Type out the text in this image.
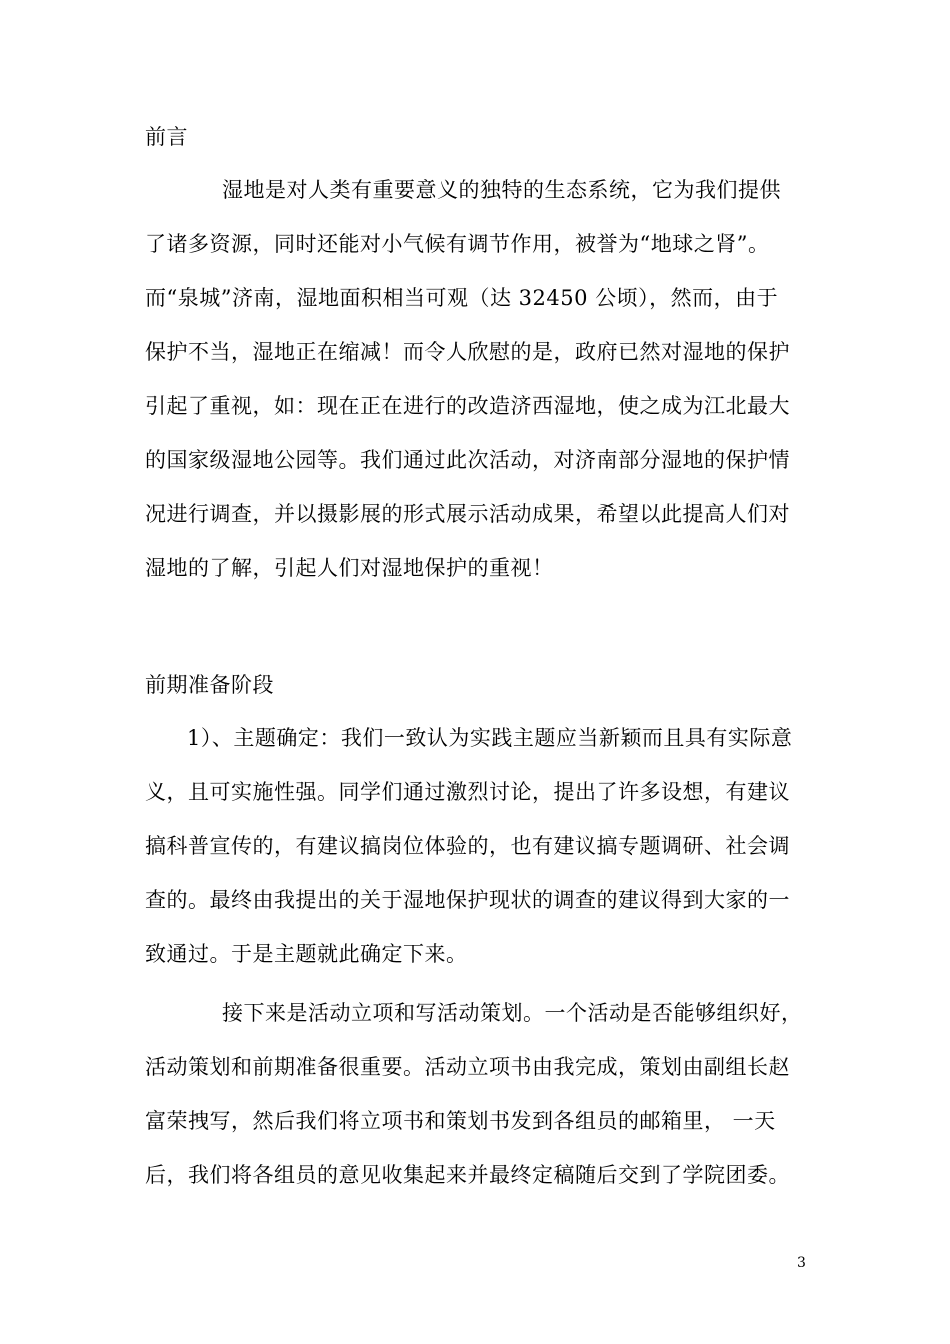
前言
湿地是对人类有重要意义的独特的生态系统，它为我们提供
了诸多资源，同时还能对小气候有调节作用，被誉为“地球之肾”。
而“泉城”济南，湿地面积相当可观（达 32450 公顷），然而，由于
保护不当，湿地正在缩减！而令人欣慰的是，政府已然对湿地的保护
引起了重视，如：现在正在进行的改造济西湿地，使之成为江北最大
的国家级湿地公园等。我们通过此次活动，对济南部分湿地的保护情
况进行调查，并以摄影展的形式展示活动成果，希望以此提高人们对
湿地的了解，引起人们对湿地保护的重视！
前期准备阶段
1）、主题确定：我们一致认为实践主题应当新颖而且具有实际意
义，且可实施性强。同学们通过激烈讨论，提出了许多设想，有建议
搞科普宣传的，有建议搞岗位体验的，也有建议搞专题调研、社会调
查的。最终由我提出的关于湿地保护现状的调查的建议得到大家的一
致通过。于是主题就此确定下来。
接下来是活动立项和写活动策划。一个活动是否能够组织好，
活动策划和前期准备很重要。活动立项书由我完成，策划由副组长赵
富荣拽写，然后我们将立项书和策划书发到各组员的邮箱里， 一天
后，我们将各组员的意见收集起来并最终定稿随后交到了学院团委。
3
